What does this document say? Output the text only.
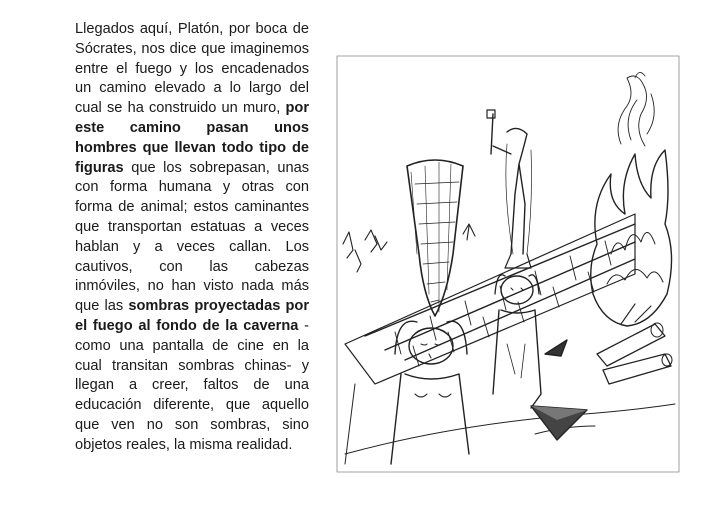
Llegados aquí, Platón, por boca de Sócrates, nos dice que imaginemos entre el fuego y los encadenados un camino elevado a lo largo del cual se ha construido un muro, por este camino pasan unos hombres que llevan todo tipo de figuras que los sobrepasan, unas con forma humana y otras con forma de animal; estos caminantes que transportan estatuas a veces hablan y a veces callan. Los cautivos, con las cabezas inmóviles, no han visto nada más que las sombras proyectadas por el fuego al fondo de la caverna -como una pantalla de cine en la cual transitan sombras chinas- y llegan a creer, faltos de una educación diferente, que aquello que ven no son sombras, sino objetos reales, la misma realidad.
